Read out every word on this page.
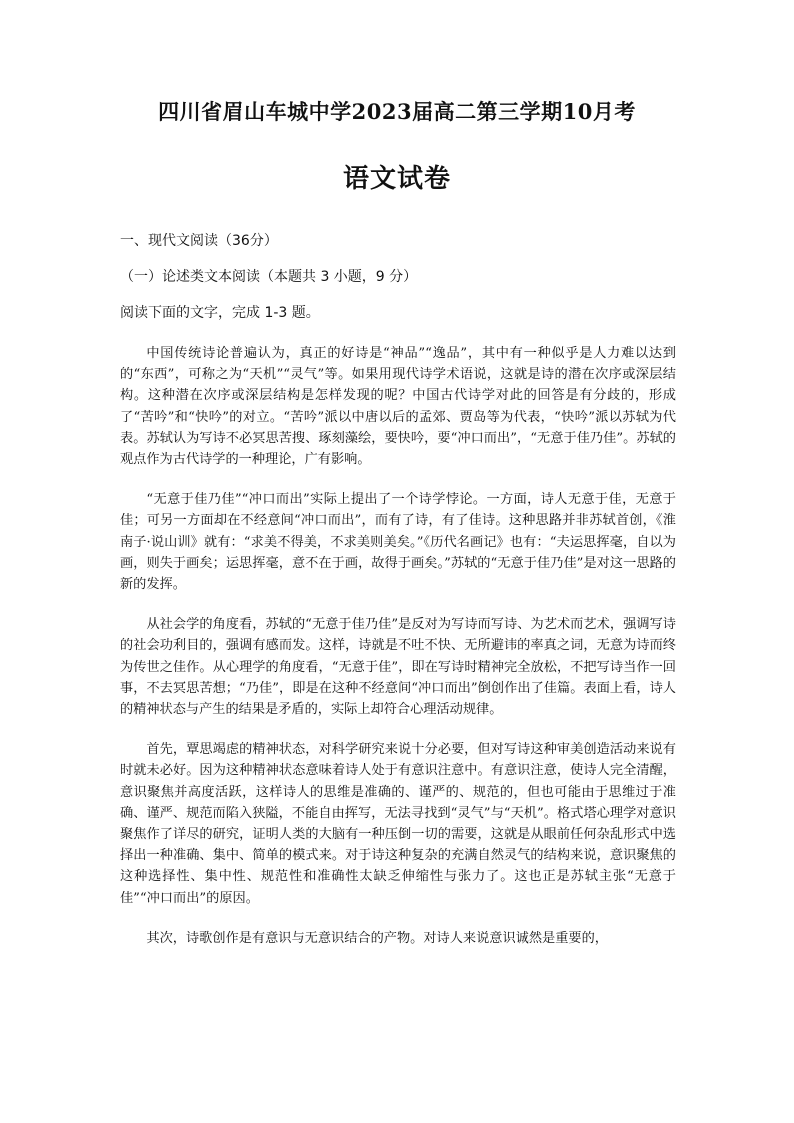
四川省眉山车城中学2023届高二第三学期10月考
语文试卷
一、现代文阅读（36分）
（一）论述类文本阅读（本题共 3 小题，9 分）
阅读下面的文字，完成 1-3 题。

中国传统诗论普遍认为，真正的好诗是“神品”“逸品”，其中有一种似乎是人力难以达到的“东西”，可称之为“天机”“灵气”等。如果用现代诗学术语说，这就是诗的潜在次序或深层结构。这种潜在次序或深层结构是怎样发现的呢？中国古代诗学对此的回答是有分歧的，形成了“苦吟”和“快吟”的对立。“苦吟”派以中唐以后的孟郊、贾岛等为代表，“快吟”派以苏轼为代表。苏轼认为写诗不必冥思苦搜、琢刻藻绘，要快吟，要“冲口而出”，“无意于佳乃佳”。苏轼的观点作为古代诗学的一种理论，广有影响。

“无意于佳乃佳”“冲口而出”实际上提出了一个诗学悖论。一方面，诗人无意于佳，无意于佳；可另一方面却在不经意间“冲口而出”，而有了诗，有了佳诗。这种思路并非苏轼首创，《淮南子·说山训》就有：“求美不得美，不求美则美矣。”《历代名画记》也有：“夫运思挥毫，自以为画，则失于画矣；运思挥毫，意不在于画，故得于画矣。”苏轼的“无意于佳乃佳”是对这一思路的新的发挥。

从社会学的角度看，苏轼的“无意于佳乃佳”是反对为写诗而写诗、为艺术而艺术，强调写诗的社会功利目的，强调有感而发。这样，诗就是不吐不快、无所避讳的率真之词，无意为诗而终为传世之佳作。从心理学的角度看，“无意于佳”，即在写诗时精神完全放松，不把写诗当作一回事，不去冥思苦想；“乃佳”，即是在这种不经意间“冲口而出”倒创作出了佳篇。表面上看，诗人的精神状态与产生的结果是矛盾的，实际上却符合心理活动规律。

首先，覃思竭虑的精神状态，对科学研究来说十分必要，但对写诗这种审美创造活动来说有时就未必好。因为这种精神状态意味着诗人处于有意识注意中。有意识注意，使诗人完全清醒，意识聚焦并高度活跃，这样诗人的思维是准确的、谨严的、规范的，但也可能由于思维过于准确、谨严、规范而陷入狭隘，不能自由挥写，无法寻找到“灵气”与“天机”。格式塔心理学对意识聚焦作了详尽的研究，证明人类的大脑有一种压倒一切的需要，这就是从眼前任何杂乱形式中选择出一种准确、集中、简单的模式来。对于诗这种复杂的充满自然灵气的结构来说，意识聚焦的这种选择性、集中性、规范性和准确性太缺乏伸缩性与张力了。这也正是苏轼主张“无意于佳”“冲口而出”的原因。

其次，诗歌创作是有意识与无意识结合的产物。对诗人来说意识诚然是重要的，
